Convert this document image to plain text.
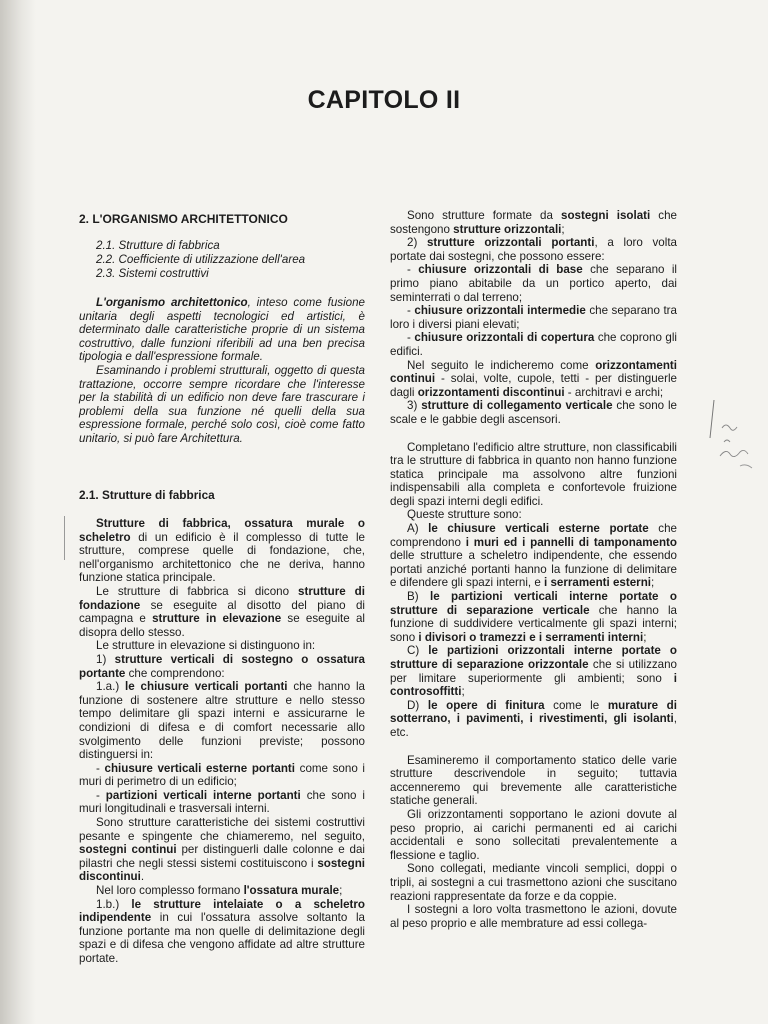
CAPITOLO II
2. L'ORGANISMO ARCHITETTONICO
2.1. Strutture di fabbrica
2.2. Coefficiente di utilizzazione dell'area
2.3. Sistemi costruttivi

L'organismo architettonico, inteso come fusione unitaria degli aspetti tecnologici ed artistici, è determinato dalle caratteristiche proprie di un sistema costruttivo, dalle funzioni riferibili ad una ben precisa tipologia e dall'espressione formale.

Esaminando i problemi strutturali, oggetto di questa trattazione, occorre sempre ricordare che l'interesse per la stabilità di un edificio non deve fare trascurare i problemi della sua funzione né quelli della sua espressione formale, perché solo così, cioè come fatto unitario, si può fare Architettura.

2.1. Strutture di fabbrica

Strutture di fabbrica, ossatura murale o scheletro di un edificio è il complesso di tutte le strutture, comprese quelle di fondazione, che, nell'organismo architettonico che ne deriva, hanno funzione statica principale.

Le strutture di fabbrica si dicono strutture di fondazione se eseguite al disotto del piano di campagna e strutture in elevazione se eseguite al disopra dello stesso.

Le strutture in elevazione si distinguono in:

1) strutture verticali di sostegno o ossatura portante che comprendono:

1.a.) le chiusure verticali portanti che hanno la funzione di sostenere altre strutture e nello stesso tempo delimitare gli spazi interni e assicurarne le condizioni di difesa e di comfort necessarie allo svolgimento delle funzioni previste; possono distinguersi in:

- chiusure verticali esterne portanti come sono i muri di perimetro di un edificio;

- partizioni verticali interne portanti che sono i muri longitudinali e trasversali interni.

Sono strutture caratteristiche dei sistemi costruttivi pesante e spingente che chiameremo, nel seguito, sostegni continui per distinguerli dalle colonne e dai pilastri che negli stessi sistemi costituiscono i sostegni discontinui.

Nel loro complesso formano l'ossatura murale;

1.b.) le strutture intelaiate o a scheletro indipendente in cui l'ossatura assolve soltanto la funzione portante ma non quelle di delimitazione degli spazi e di difesa che vengono affidate ad altre strutture portate.

Sono strutture formate da sostegni isolati che sostengono strutture orizzontali;

2) strutture orizzontali portanti, a loro volta portate dai sostegni, che possono essere:

- chiusure orizzontali di base che separano il primo piano abitabile da un portico aperto, dai seminterrati o dal terreno;

- chiusure orizzontali intermedie che separano tra loro i diversi piani elevati;

- chiusure orizzontali di copertura che coprono gli edifici.

Nel seguito le indicheremo come orizzontamenti continui - solai, volte, cupole, tetti - per distinguerle dagli orizzontamenti discontinui - architravi e archi;

3) strutture di collegamento verticale che sono le scale e le gabbie degli ascensori.

Completano l'edificio altre strutture, non classificabili tra le strutture di fabbrica in quanto non hanno funzione statica principale ma assolvono altre funzioni indispensabili alla completa e confortevole fruizione degli spazi interni degli edifici.

Queste strutture sono:

A) le chiusure verticali esterne portate che comprendono i muri ed i pannelli di tamponamento delle strutture a scheletro indipendente, che essendo portati anziché portanti hanno la funzione di delimitare e difendere gli spazi interni, e i serramenti esterni;

B) le partizioni verticali interne portate o strutture di separazione verticale che hanno la funzione di suddividere verticalmente gli spazi interni; sono i divisori o tramezzi e i serramenti interni;

C) le partizioni orizzontali interne portate o strutture di separazione orizzontale che si utilizzano per limitare superiormente gli ambienti; sono i controsoffitti;

D) le opere di finitura come le murature di sotterrano, i pavimenti, i rivestimenti, gli isolanti, etc.

Esamineremo il comportamento statico delle varie strutture descrivendole in seguito; tuttavia accenneremo qui brevemente alle caratteristiche statiche generali.

Gli orizzontamenti sopportano le azioni dovute al peso proprio, ai carichi permanenti ed ai carichi accidentali e sono sollecitati prevalentemente a flessione e taglio.

Sono collegati, mediante vincoli semplici, doppi o tripli, ai sostegni a cui trasmettono azioni che suscitano reazioni rappresentate da forze e da coppie.

I sostegni a loro volta trasmettono le azioni, dovute al peso proprio e alle membrature ad essi collega-
